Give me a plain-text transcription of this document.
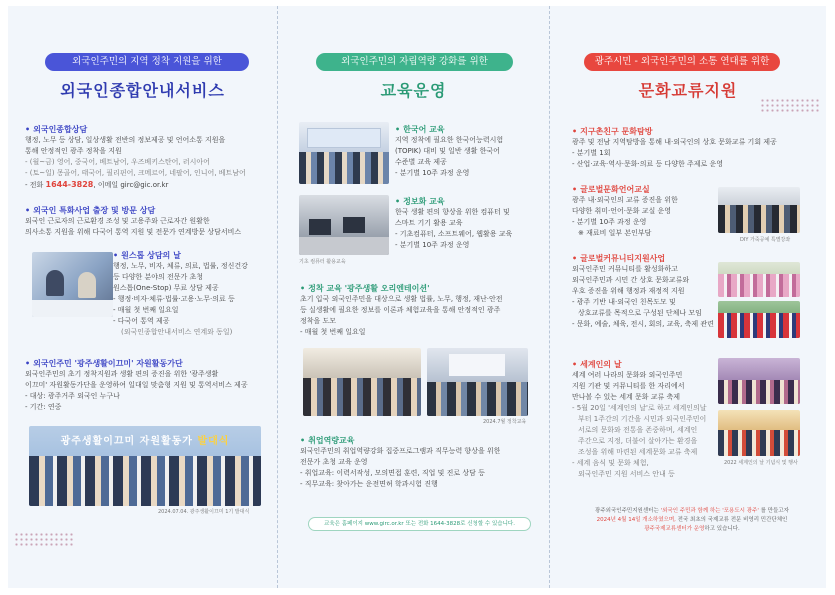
외국인주민의 지역 정착 지원을 위한
외국인종합안내서비스
• 외국인종합상담
행정, 노무 등 상담, 일상생활 전반의 정보제공 및 언어소통 지원을
통해 안정적인 광주 정착을 지원
- (월~금) 영어, 중국어, 베트남어, 우즈베키스탄어, 러시아어
- (토~일) 몽골어, 태국어, 필리핀어, 크메르어, 네팔어, 인니어, 베트남어
- 전화 1644-3828, 이메일 girc@gic.or.kr
• 외국인 특화사업 출장 및 방문 상담
외국인 근로자의 근로환경 조성 및 고용주와 근로자간 원활한
의사소통 지원을 위해 다국어 통역 지원 및 전문가 연계방문 상담서비스
• 원스톱 상담의 날
행정, 노무, 비자, 체류, 의료, 법률, 정신건강
등 다양한 분야의 전문가 초청
원스톱(One-Stop) 무료 상담 제공
- 행정·비자·체류·법률·고용·노무·의료 등
- 매월 첫 번째 일요일
- 다국어 통역 제공
(외국인종합안내서비스 연계와 동일)
• 외국인주민 '광주생활이끄미' 자원활동가단
외국인주민의 초기 정착지원과 생활 편의 증진을 위한 '광주생활
이끄미' 자원활동가단을 운영하여 일대일 맞춤형 지원 및 통역서비스 제공
- 대상: 광주거주 외국인 누구나
- 기간: 연중
광주생활이끄미 자원활동가 발대식
2024.07.04. 광주생활이끄미 1기 발대식
외국인주민의 자립역량 강화를 위한
교육운영
• 한국어 교육
지역 정착에 필요한 한국어능력시험
(TOPIK) 대비 및 일반 생활 한국어
수준별 교육 제공
- 분기별 10주 과정 운영
기초 컴퓨터 활용교육
• 정보화 교육
한국 생활 편의 향상을 위한 컴퓨터 및
스마트 기기 활용 교육
- 기초컴퓨터, 소프트웨어, 웹활용 교육
- 분기별 10주 과정 운영
• 정착 교육 '광주생활 오리엔테이션'
초기 입국 외국인주민을 대상으로 생활 법률, 노무, 행정, 재난·안전
등 실생활에 필요한 정보를 이론과 체험교육을 통해 안정적인 광주
정착을 도모
- 매월 첫 번째 일요일
2024.7월 정착교육
• 취업역량교육
외국인주민의 취업역량강화 집중프로그램과 직무능력 향상을 위한
전문가 초청 교육 운영
- 취업교육: 이력서작성, 모의면접 훈련, 직업 및 진로 상담 등
- 직무교육: 찾아가는 운전면허 학과시험 진행
교육은 홈페이지 www.girc.or.kr 또는 전화 1644-3828로 신청할 수 있습니다.
광주시민 - 외국인주민의 소통 연대를 위한
문화교류지원
• 지구촌친구 문화탐방
광주 및 전남 지역탐방을 통해 내·외국인의 상호 문화교류 기회 제공
- 분기별 1회
- 산업·교육·역사·문화·의료 등 다양한 주제로 운영
• 글로벌문화언어교실
광주 내·외국인의 교류 증진을 위한
다양한 취미·언어·문화 교실 운영
- 분기별 10주 과정 운영
※ 재료비 일부 본인부담
DIY 가죽공예 특별강좌
• 글로벌커뮤니티지원사업
외국인주민 커뮤니티를 활성화하고
외국인주민과 시민 간 상호 문화교류와
우호 증진을 위해 행정과 재정적 지원
- 광주 기반 내·외국인 친목도모 및
상호교류를 목적으로 구성된 단체나 모임
- 문화, 예술, 체육, 전시, 회의, 교육, 축제 관련
• 세계인의 날
세계 여러 나라의 문화와 외국인주민
지원 기관 및 커뮤니티를 한 자리에서
만나볼 수 있는 세계 문화 교류 축제
- 5월 20일 '세계인의 날'로 하고 세계인의날
부터 1주간의 기간을 시민과 외국인주민이
서로의 문화와 전통을 존중하며, 세계인
주간으로 지정, 더불어 살아가는 환경을
조성을 위해 마련된 세계문화 교류 축제
- 세계 음식 및 문화 체험,
외국인주민 지원 서비스 안내 등
2022 세계인의 날 기념식 및 행사
광주외국인주민지원센터는 '외국인 주민과 함께 하는 '포용도시 광주' 를 만들고자
2024년 4월 14일 개소하였으며, 전국 최초의 국제교류 전문 비영리 민간단체인
광주국제교류센터가 운영하고 있습니다.
